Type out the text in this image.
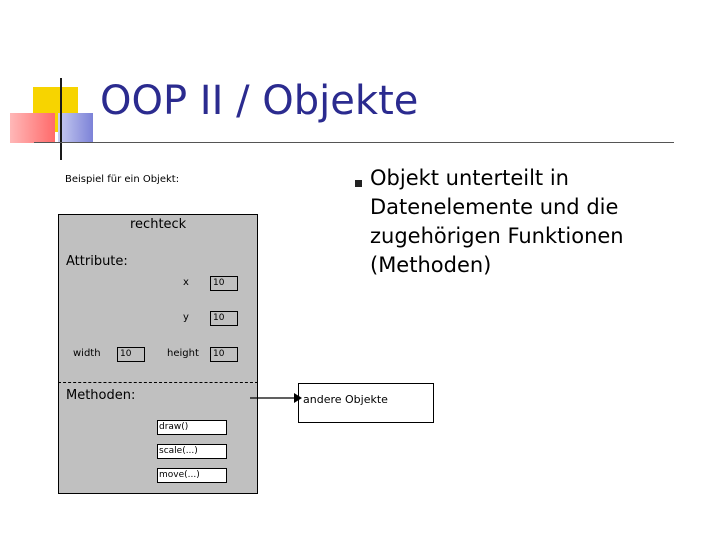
OOP II / Objekte
Beispiel für ein Objekt:
rechteck
Attribute:
x	10
y	10
width	10	height	10
Methoden:
draw()
scale(...)
move(...)
andere Objekte
Objekt unterteilt in Datenelemente und die zugehörigen Funktionen (Methoden)
